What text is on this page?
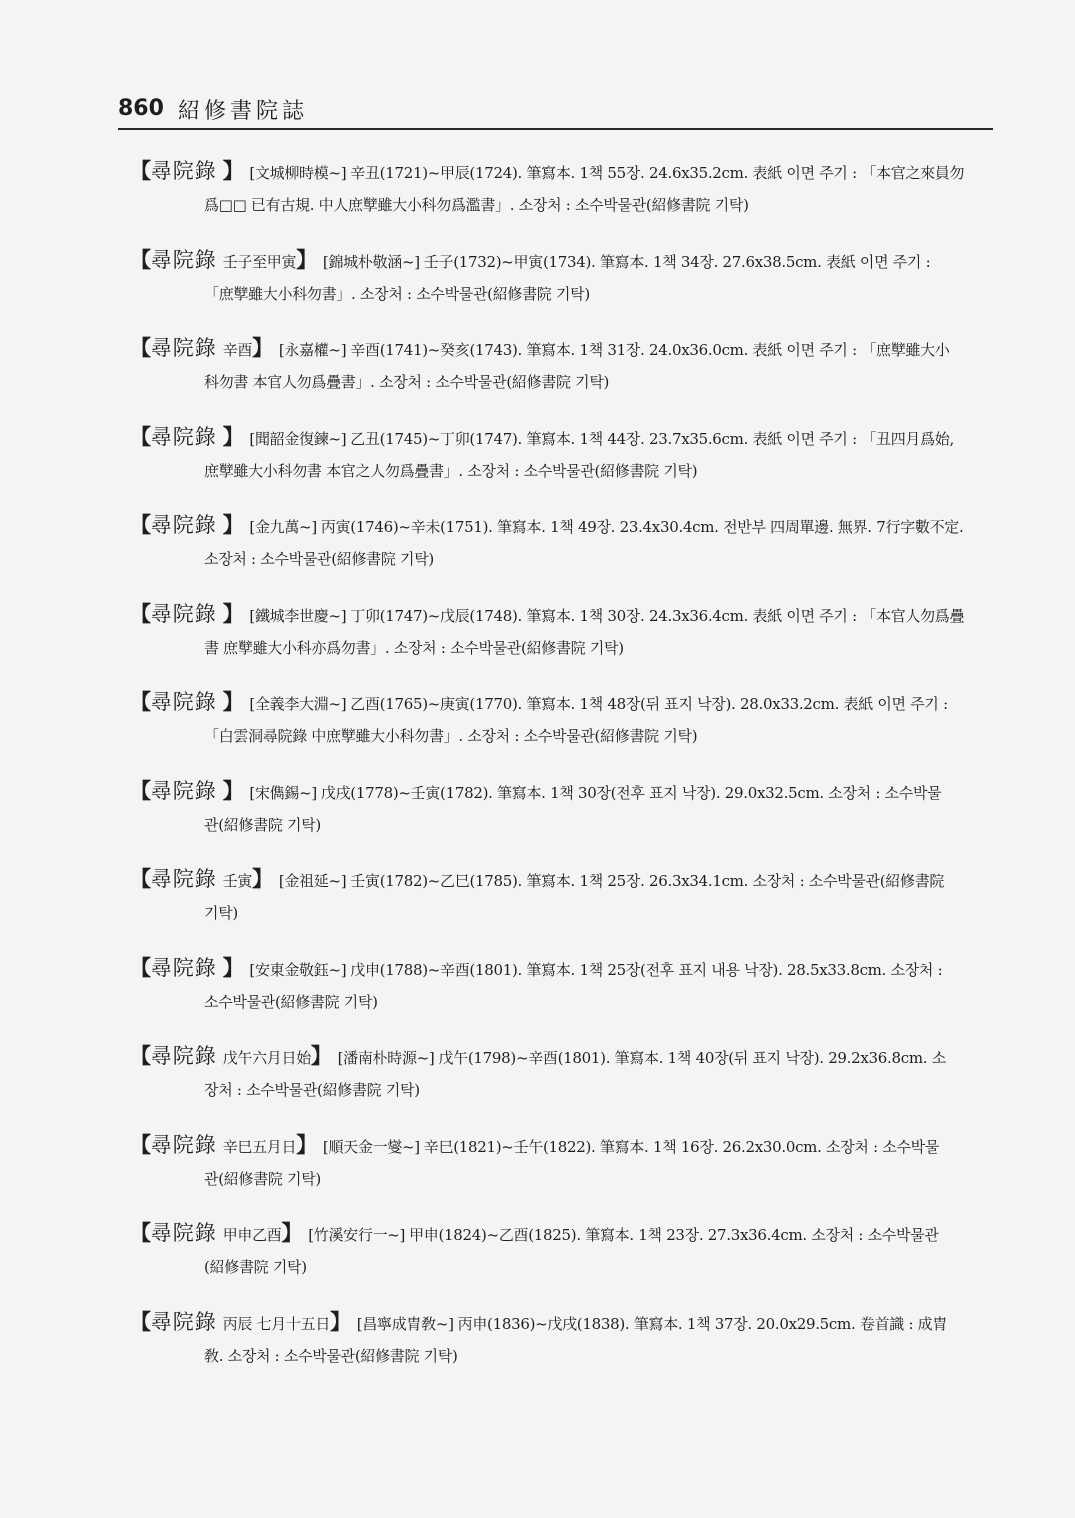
860 紹修書院誌
【尋院錄 】 [文城柳時模~] 辛丑(1721)~甲辰(1724). 筆寫本. 1책 55장. 24.6x35.2cm. 表紙 이면 주기 : 「本官之來員勿
爲□□ 已有古規. 中人庶孼雖大小科勿爲濫書」. 소장처 : 소수박물관(紹修書院 기탁)
【尋院錄 壬子至甲寅】 [錦城朴敬涵~] 壬子(1732)~甲寅(1734). 筆寫本. 1책 34장. 27.6x38.5cm. 表紙 이면 주기 :
「庶孼雖大小科勿書」. 소장처 : 소수박물관(紹修書院 기탁)
【尋院錄 辛酉】 [永嘉權~] 辛酉(1741)~癸亥(1743). 筆寫本. 1책 31장. 24.0x36.0cm. 表紙 이면 주기 : 「庶孼雖大小
科勿書 本官人勿爲疊書」. 소장처 : 소수박물관(紹修書院 기탁)
【尋院錄 】 [聞韶金復鍊~] 乙丑(1745)~丁卯(1747). 筆寫本. 1책 44장. 23.7x35.6cm. 表紙 이면 주기 : 「丑四月爲始,
庶孼雖大小科勿書 本官之人勿爲疊書」. 소장처 : 소수박물관(紹修書院 기탁)
【尋院錄 】 [金九萬~] 丙寅(1746)~辛未(1751). 筆寫本. 1책 49장. 23.4x30.4cm. 전반부 四周單邊. 無界. 7行字數不定.
소장처 : 소수박물관(紹修書院 기탁)
【尋院錄 】 [鐵城李世慶~] 丁卯(1747)~戊辰(1748). 筆寫本. 1책 30장. 24.3x36.4cm. 表紙 이면 주기 : 「本官人勿爲疊
書 庶孼雖大小科亦爲勿書」. 소장처 : 소수박물관(紹修書院 기탁)
【尋院錄 】 [全義李大淵~] 乙酉(1765)~庚寅(1770). 筆寫本. 1책 48장(뒤 표지 낙장). 28.0x33.2cm. 表紙 이면 주기 :
「白雲洞尋院錄 中庶孼雖大小科勿書」. 소장처 : 소수박물관(紹修書院 기탁)
【尋院錄 】 [宋儁錫~] 戊戌(1778)~壬寅(1782). 筆寫本. 1책 30장(전후 표지 낙장). 29.0x32.5cm. 소장처 : 소수박물
관(紹修書院 기탁)
【尋院錄 壬寅】 [金祖延~] 壬寅(1782)~乙巳(1785). 筆寫本. 1책 25장. 26.3x34.1cm. 소장처 : 소수박물관(紹修書院
기탁)
【尋院錄 】 [安東金敬鈺~] 戊申(1788)~辛酉(1801). 筆寫本. 1책 25장(전후 표지 내용 낙장). 28.5x33.8cm. 소장처 :
소수박물관(紹修書院 기탁)
【尋院錄 戊午六月日始】 [潘南朴時源~] 戊午(1798)~辛酉(1801). 筆寫本. 1책 40장(뒤 표지 낙장). 29.2x36.8cm. 소
장처 : 소수박물관(紹修書院 기탁)
【尋院錄 辛巳五月日】 [順天金一燮~] 辛巳(1821)~壬午(1822). 筆寫本. 1책 16장. 26.2x30.0cm. 소장처 : 소수박물
관(紹修書院 기탁)
【尋院錄 甲申乙酉】 [竹溪安行一~] 甲申(1824)~乙酉(1825). 筆寫本. 1책 23장. 27.3x36.4cm. 소장처 : 소수박물관
(紹修書院 기탁)
【尋院錄 丙辰 七月十五日】 [昌寧成胄敎~] 丙申(1836)~戊戌(1838). 筆寫本. 1책 37장. 20.0x29.5cm. 卷首識 : 成胄
敎. 소장처 : 소수박물관(紹修書院 기탁)
